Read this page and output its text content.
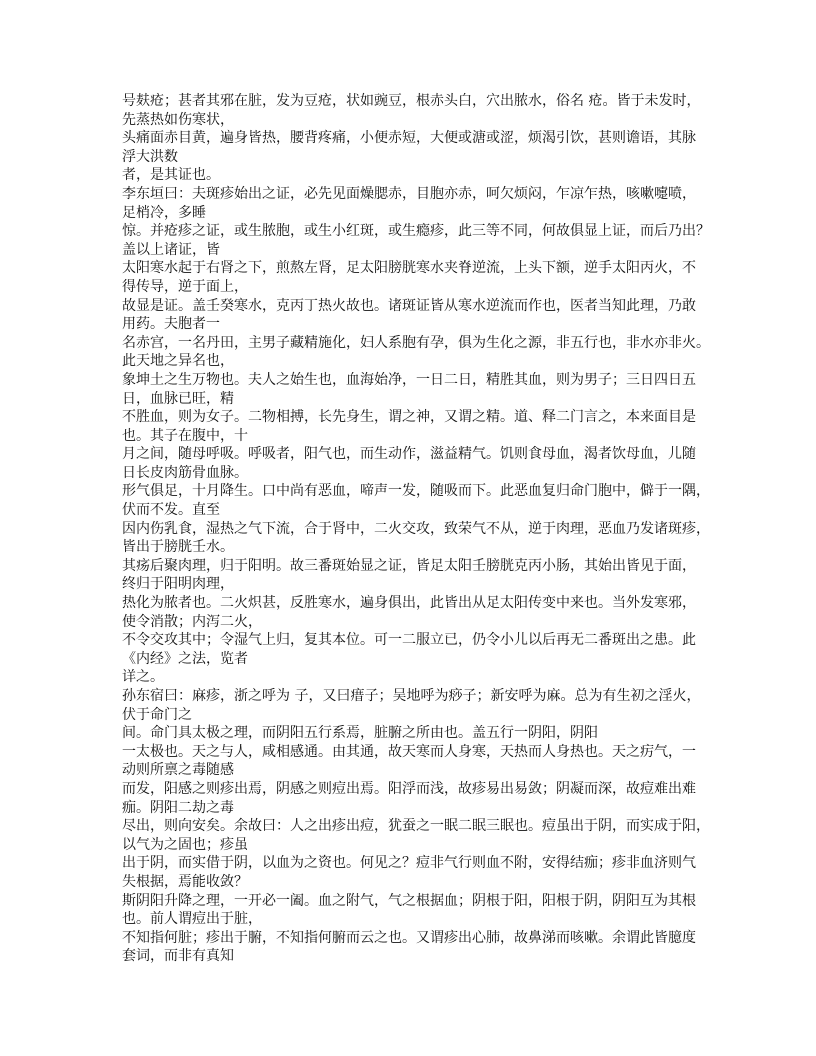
号麸疮；甚者其邪在脏，发为豆疮，状如豌豆，根赤头白，穴出脓水，俗名 疮。皆于未发时，
先蒸热如伤寒状，

头痛面赤目黄，遍身皆热，腰背疼痛，小便赤短，大便或溏或涩，烦渴引饮，甚则谵语，其脉
浮大洪数

者，是其证也。

李东垣曰：夫斑疹始出之证，必先见面燥腮赤，目胞亦赤，呵欠烦闷，乍凉乍热，咳嗽嚏喷，
足梢冷，多睡

惊。并疮疹之证，或生脓胞，或生小红斑，或生瘾疹，此三等不同，何故俱显上证，而后乃出？
盖以上诸证，皆

太阳寒水起于右肾之下，煎熬左肾，足太阳膀胱寒水夹脊逆流，上头下额，逆手太阳丙火，不
得传导，逆于面上，

故显是证。盖壬癸寒水，克丙丁热火故也。诸斑证皆从寒水逆流而作也，医者当知此理，乃敢
用药。夫胞者一

名赤宫，一名丹田，主男子藏精施化，妇人系胞有孕，俱为生化之源，非五行也，非水亦非火。
此天地之异名也，

象坤土之生万物也。夫人之始生也，血海始净，一日二日，精胜其血，则为男子；三日四日五
日，血脉已旺，精

不胜血，则为女子。二物相搏，长先身生，谓之神，又谓之精。道、释二门言之，本来面目是
也。其子在腹中，十

月之间，随母呼吸。呼吸者，阳气也，而生动作，滋益精气。饥则食母血，渴者饮母血，儿随
日长皮肉筋骨血脉。

形气俱足，十月降生。口中尚有恶血，啼声一发，随吸而下。此恶血复归命门胞中，僻于一隅，
伏而不发。直至

因内伤乳食，湿热之气下流，合于肾中，二火交攻，致荣气不从，逆于肉理，恶血乃发诸斑疹，
皆出于膀胱壬水。

其疡后聚肉理，归于阳明。故三番斑始显之证，皆足太阳壬膀胱克丙小肠，其始出皆见于面，
终归于阳明肉理，

热化为脓者也。二火炽甚，反胜寒水，遍身俱出，此皆出从足太阳传变中来也。当外发寒邪，
使令消散；内泻二火，

不令交攻其中；令湿气上归，复其本位。可一二服立已，仍令小儿以后再无二番斑出之患。此
《内经》之法，览者

详之。

孙东宿曰：麻疹，浙之呼为 子，又曰瘄子；吴地呼为痧子；新安呼为麻。总为有生初之淫火，
伏于命门之

间。命门具太极之理，而阴阳五行系焉，脏腑之所由也。盖五行一阴阳，阴阳

一太极也。天之与人，咸相感通。由其通，故天寒而人身寒，天热而人身热也。天之疠气，一
动则所禀之毒随感

而发，阳感之则疹出焉，阴感之则痘出焉。阳浮而浅，故疹易出易敛；阴凝而深，故痘难出难
痂。阴阳二劫之毒

尽出，则向安矣。余故曰：人之出疹出痘，犹蚕之一眠二眠三眠也。痘虽出于阴，而实成于阳，
以气为之固也；疹虽

出于阴，而实借于阴，以血为之资也。何见之？痘非气行则血不附，安得结痂；疹非血济则气
失根据，焉能收敛？

斯阴阳升降之理，一开必一阖。血之附气，气之根据血；阴根于阳，阳根于阴，阴阳互为其根
也。前人谓痘出于脏，

不知指何脏；疹出于腑，不知指何腑而云之也。又谓疹出心肺，故鼻涕而咳嗽。余谓此皆臆度
套词，而非有真知
